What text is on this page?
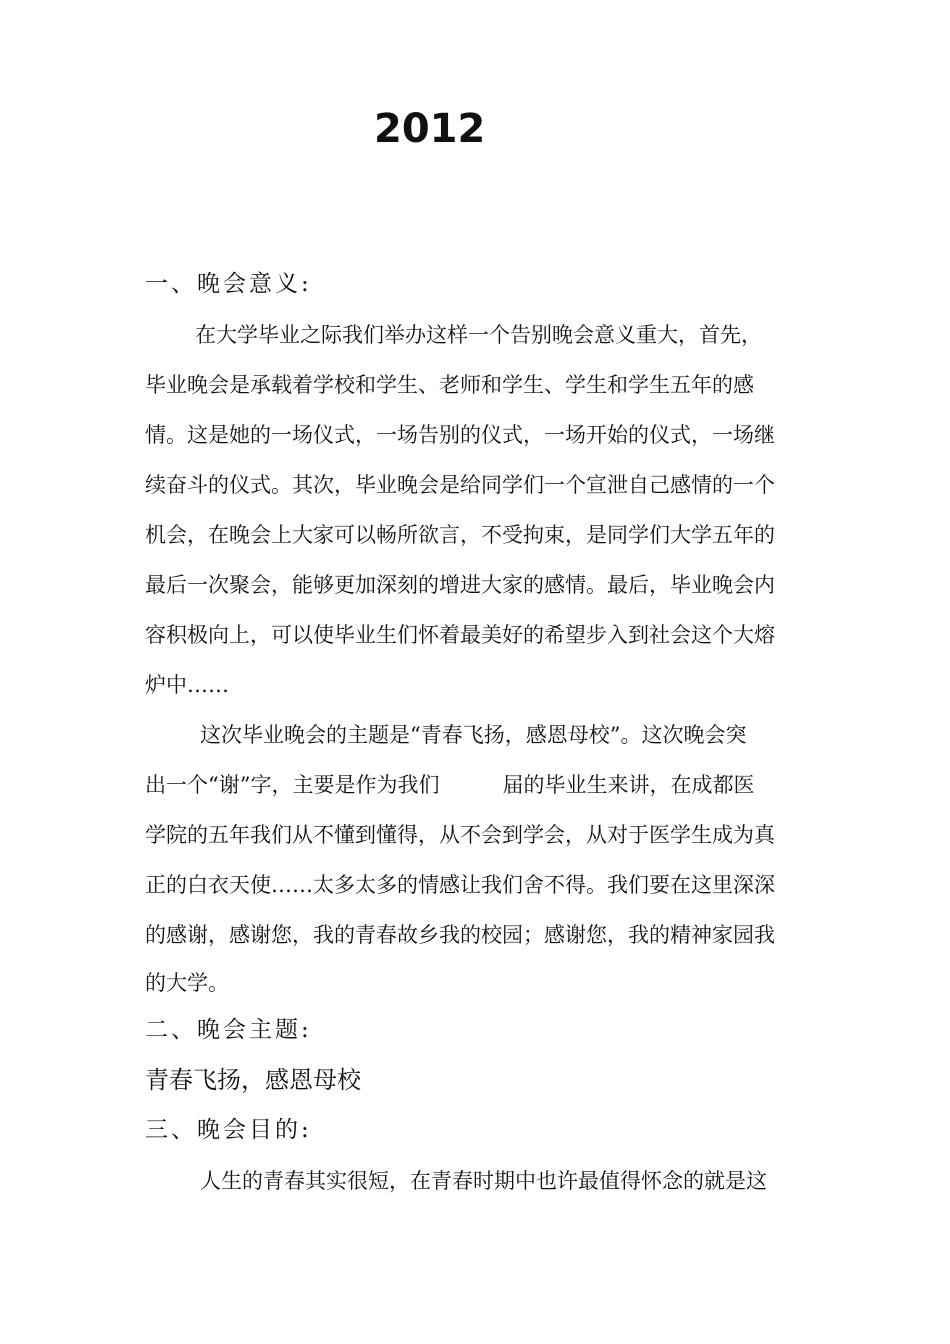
2012
一、晚会意义:
在大学毕业之际我们举办这样一个告别晚会意义重大，首先，
毕业晚会是承载着学校和学生、老师和学生、学生和学生五年的感
情。这是她的一场仪式，一场告别的仪式，一场开始的仪式，一场继
续奋斗的仪式。其次，毕业晚会是给同学们一个宣泄自己感情的一个
机会，在晚会上大家可以畅所欲言，不受拘束，是同学们大学五年的
最后一次聚会，能够更加深刻的增进大家的感情。最后，毕业晚会内
容积极向上，可以使毕业生们怀着最美好的希望步入到社会这个大熔
炉中……
这次毕业晚会的主题是“青春飞扬，感恩母校”。这次晚会突
出一个“谢”字，主要是作为我们　　　届的毕业生来讲，在成都医
学院的五年我们从不懂到懂得，从不会到学会，从对于医学生成为真
正的白衣天使……太多太多的情感让我们舍不得。我们要在这里深深
的感谢，感谢您，我的青春故乡我的校园；感谢您，我的精神家园我
的大学。
二、晚会主题:
青春飞扬，感恩母校
三、晚会目的:
人生的青春其实很短，在青春时期中也许最值得怀念的就是这
